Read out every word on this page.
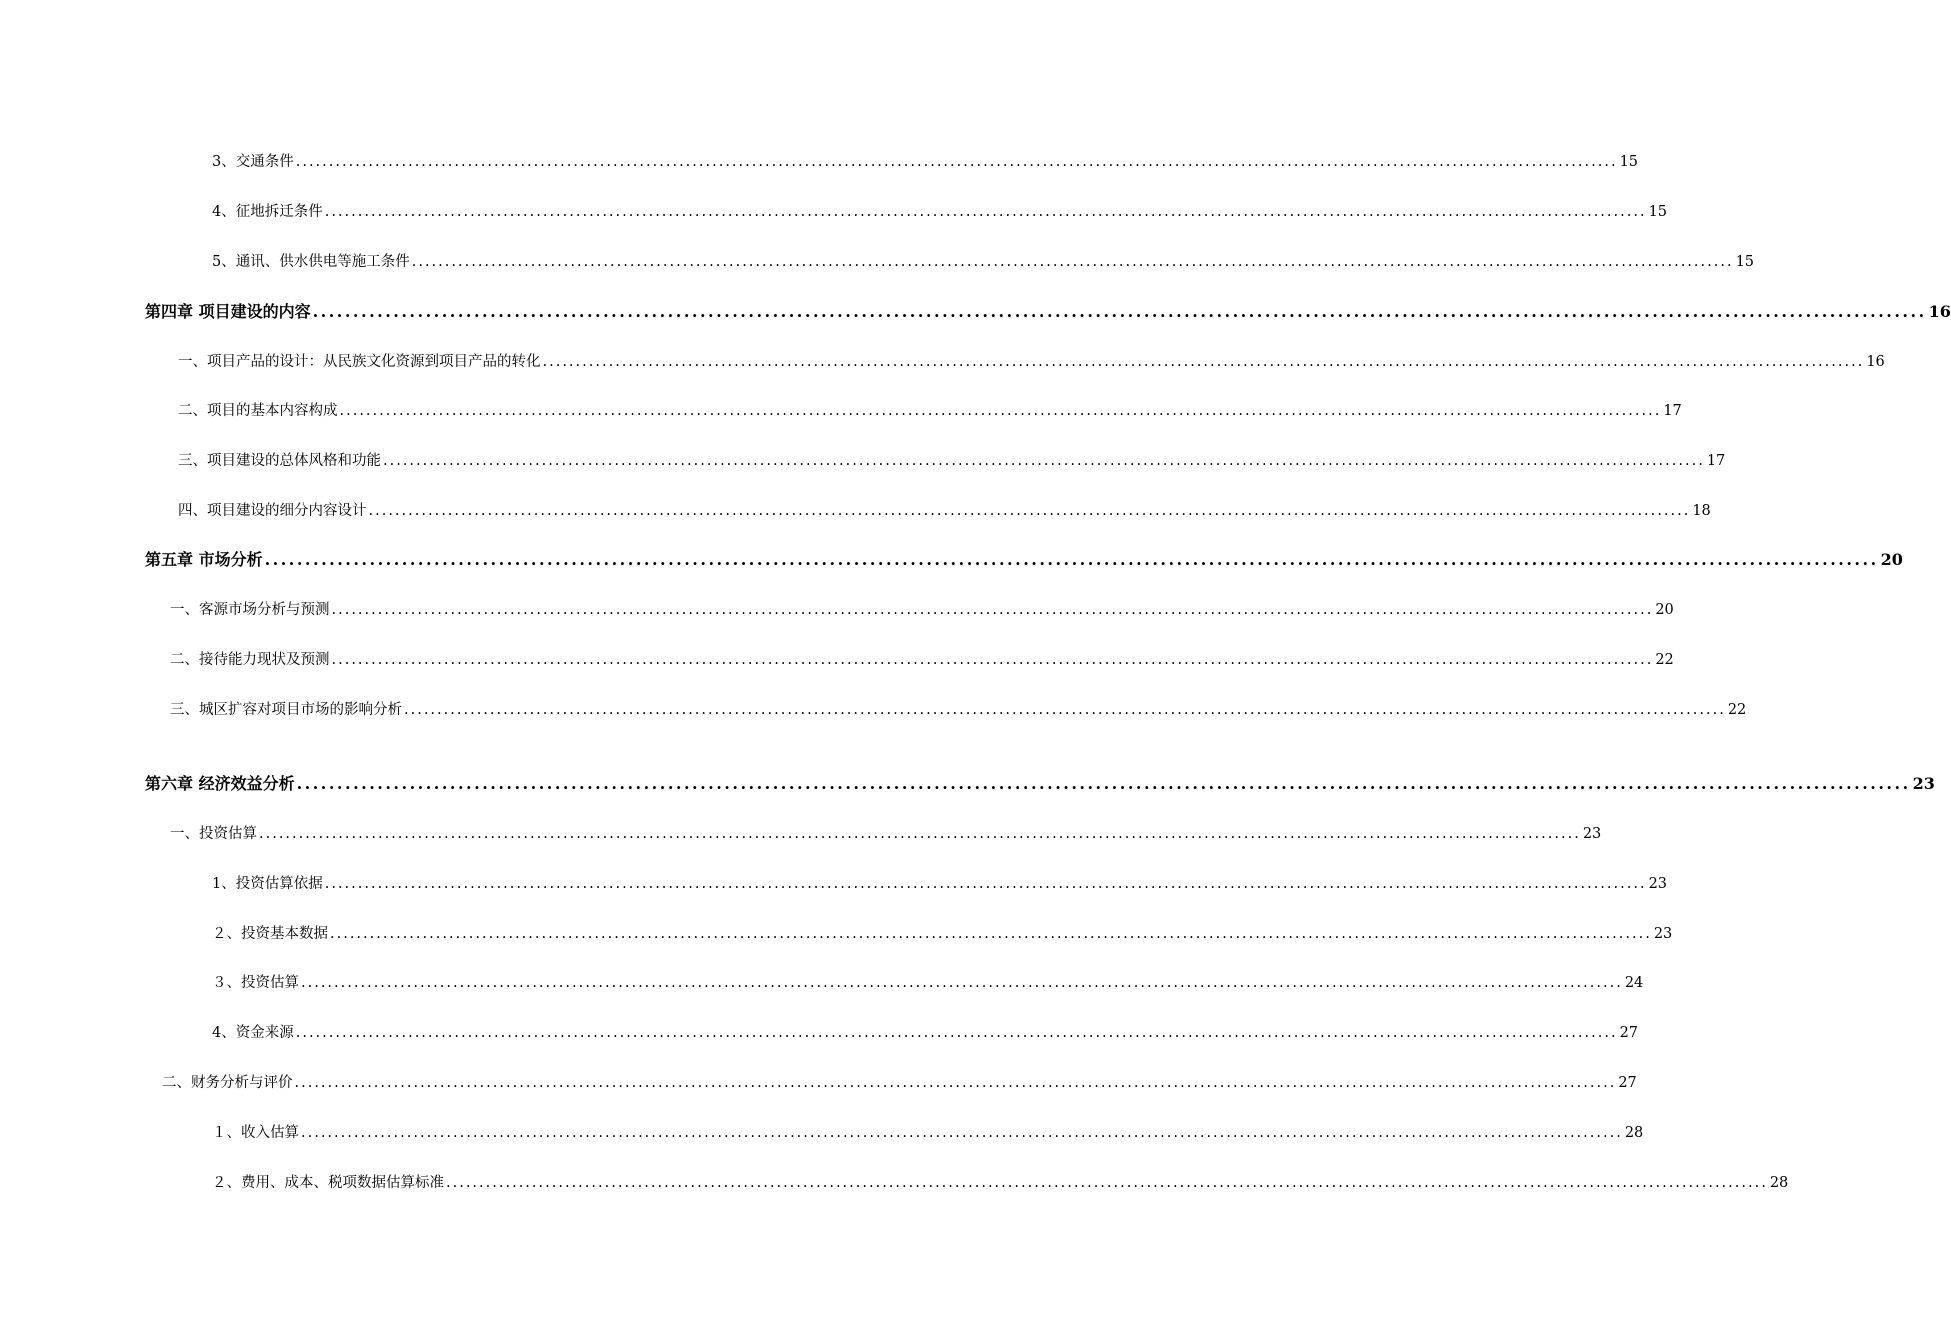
3、交通条件 ........................................................................................................................................................................................................ 15
4、征地拆迁条件 ........................................................................................................................................................................................................ 15
5、通讯、供水供电等施工条件 ........................................................................................................................................................................................................ 15
第四章 项目建设的内容 ........................................................................................................................................................................................................ 16
一、项目产品的设计：从民族文化资源到项目产品的转化 ........................................................................................................................................................................................................ 16
二、项目的基本内容构成 ........................................................................................................................................................................................................ 17
三、项目建设的总体风格和功能 ........................................................................................................................................................................................................ 17
四、项目建设的细分内容设计 ........................................................................................................................................................................................................ 18
第五章 市场分析 ........................................................................................................................................................................................................ 20
一、客源市场分析与预测 ........................................................................................................................................................................................................ 20
二、接待能力现状及预测 ........................................................................................................................................................................................................ 22
三、城区扩容对项目市场的影响分析 ........................................................................................................................................................................................................ 22
第六章 经济效益分析 ........................................................................................................................................................................................................ 23
一、投资估算 ........................................................................................................................................................................................................ 23
1、投资估算依据 ........................................................................................................................................................................................................ 23
２、投资基本数据 ........................................................................................................................................................................................................ 23
３、投资估算 ........................................................................................................................................................................................................ 24
4、资金来源 ........................................................................................................................................................................................................ 27
二、财务分析与评价 ........................................................................................................................................................................................................ 27
１、收入估算 ........................................................................................................................................................................................................ 28
２、费用、成本、税项数据估算标准 ........................................................................................................................................................................................................ 28
